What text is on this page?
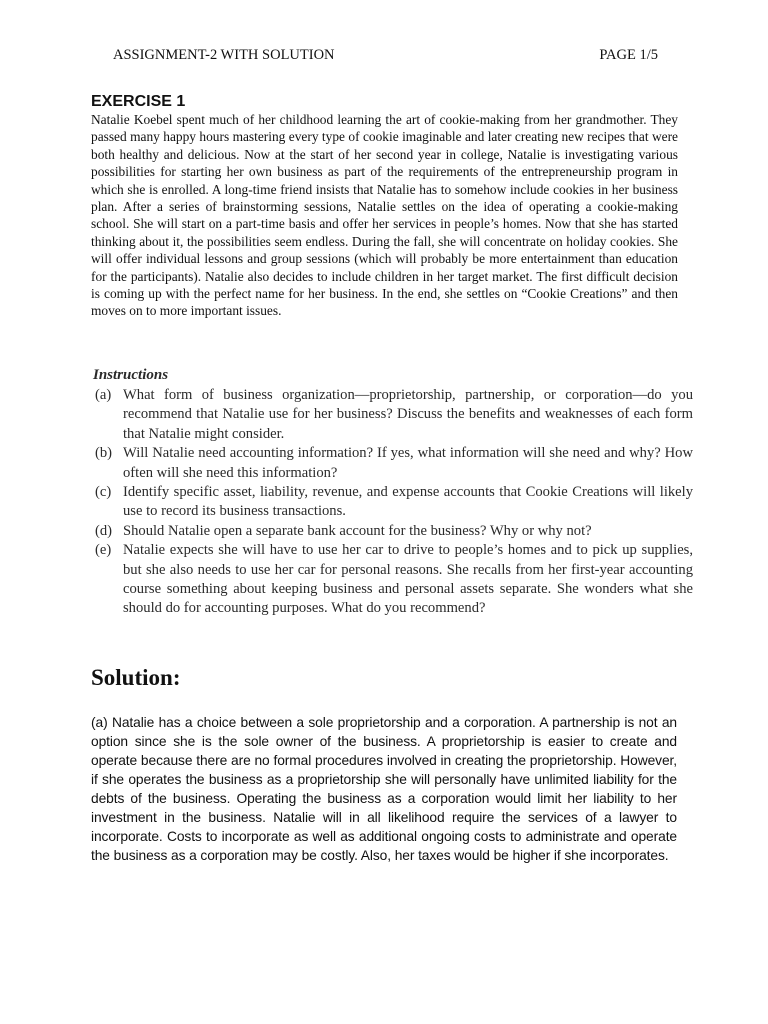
ASSIGNMENT-2 WITH SOLUTION	PAGE 1/5
EXERCISE 1
Natalie Koebel spent much of her childhood learning the art of cookie-making from her grandmother. They passed many happy hours mastering every type of cookie imaginable and later creating new recipes that were both healthy and delicious. Now at the start of her second year in college, Natalie is investigating various possibilities for starting her own business as part of the requirements of the entrepreneurship program in which she is enrolled. A long-time friend insists that Natalie has to somehow include cookies in her business plan. After a series of brainstorming sessions, Natalie settles on the idea of operating a cookie-making school. She will start on a part-time basis and offer her services in people’s homes. Now that she has started thinking about it, the possibilities seem endless. During the fall, she will concentrate on holiday cookies. She will offer individual lessons and group sessions (which will probably be more entertainment than education for the participants). Natalie also decides to include children in her target market. The first difficult decision is coming up with the perfect name for her business. In the end, she settles on “Cookie Creations” and then moves on to more important issues.
Instructions
(a) What form of business organization—proprietorship, partnership, or corporation—do you recommend that Natalie use for her business? Discuss the benefits and weaknesses of each form that Natalie might consider.
(b) Will Natalie need accounting information? If yes, what information will she need and why? How often will she need this information?
(c) Identify specific asset, liability, revenue, and expense accounts that Cookie Creations will likely use to record its business transactions.
(d) Should Natalie open a separate bank account for the business? Why or why not?
(e) Natalie expects she will have to use her car to drive to people’s homes and to pick up supplies, but she also needs to use her car for personal reasons. She recalls from her first-year accounting course something about keeping business and personal assets separate. She wonders what she should do for accounting purposes. What do you recommend?
Solution:
(a) Natalie has a choice between a sole proprietorship and a corporation. A partnership is not an option since she is the sole owner of the business. A proprietorship is easier to create and operate because there are no formal procedures involved in creating the proprietorship. However, if she operates the business as a proprietorship she will personally have unlimited liability for the debts of the business. Operating the business as a corporation would limit her liability to her investment in the business. Natalie will in all likelihood require the services of a lawyer to incorporate. Costs to incorporate as well as additional ongoing costs to administrate and operate the business as a corporation may be costly. Also, her taxes would be higher if she incorporates.
